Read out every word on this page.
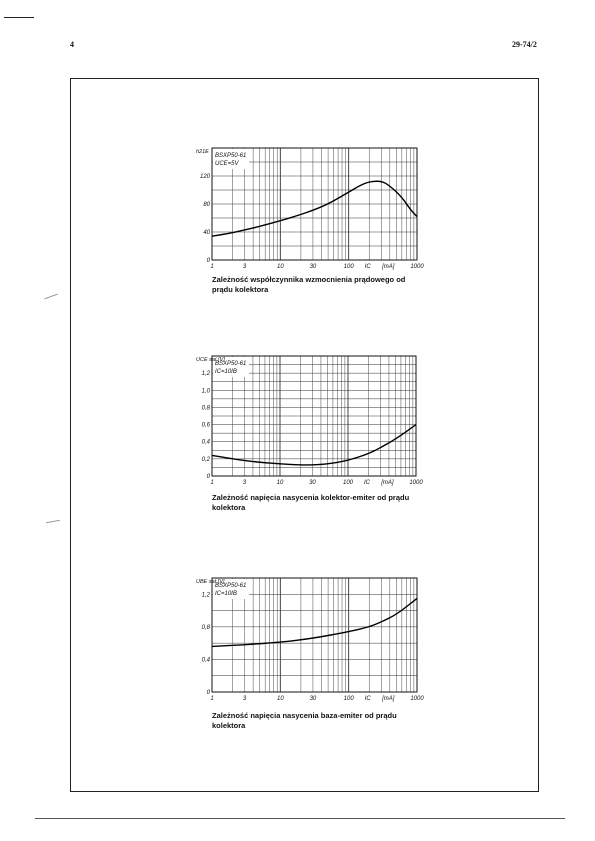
4	29-74/2
BSXP50-61
UCE=5V
h21E
0
40
80
120
1	3	10	30	100	1000
IC [mA]
Zależność współczynnika wzmocnienia prądowego od prądu kolektora
BSXP50-61
IC=10IB
UCE sat [V]
0
0,2
0,4
0,6
0,8
1,0
1,2
1	3	10	30	100	1000
IC [mA]
Zależność napięcia nasycenia kolektor-emiter od prądu kolektora
BSXP50-61
IC=10IB
UBE sat [V]
0
0,4
0,8
1,2
1	3	10	30	100	1000
IC [mA]
Zależność napięcia nasycenia baza-emiter od prądu kolektora
